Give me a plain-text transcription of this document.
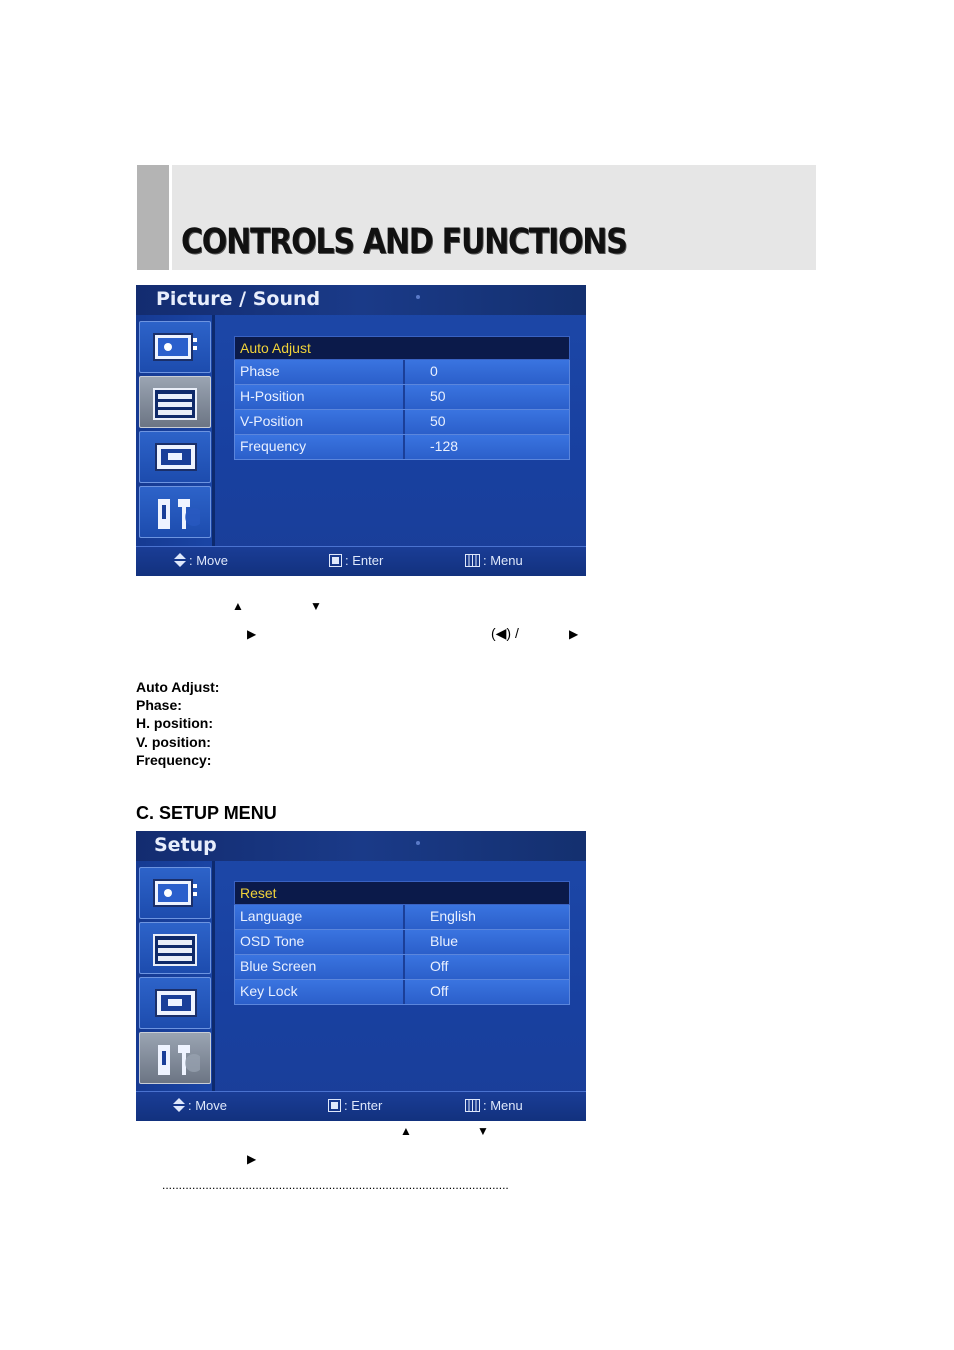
CONTROLS AND FUNCTIONS
Picture / Sound
Auto Adjust
Phase	0
H-Position	50
V-Position	50
Frequency	-128
: Move	: Enter	: Menu
▲	▼
▶	(◀) /	▶
Auto Adjust:
Phase:
H. position:
V. position:
Frequency:
C. SETUP MENU
Setup
Reset
Language	English
OSD Tone	Blue
Blue Screen	Off
Key Lock	Off
: Move	: Enter	: Menu
▲	▼
▶
........................................................................................................
